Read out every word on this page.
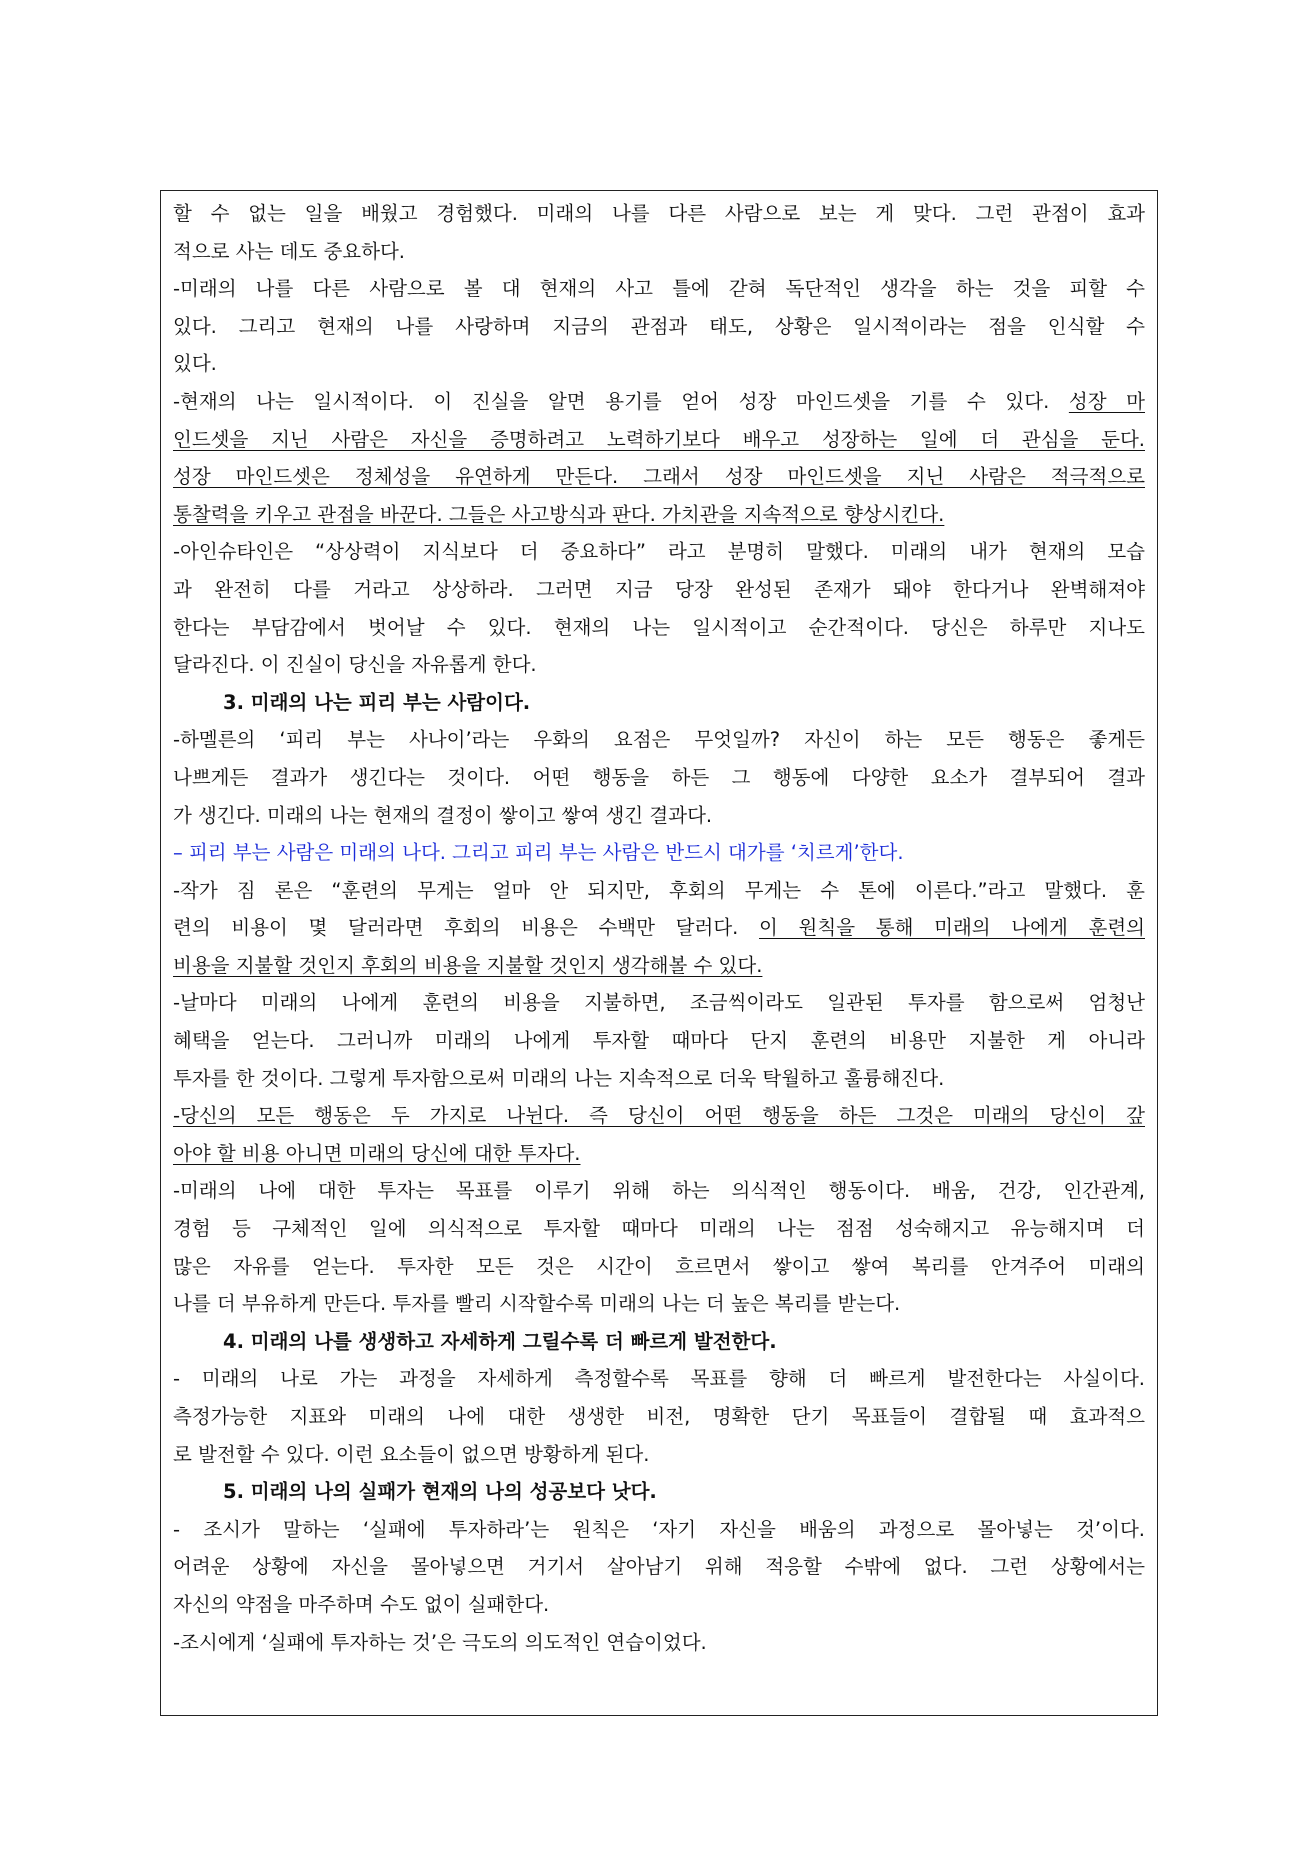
할 수 없는 일을 배웠고 경험했다. 미래의 나를 다른 사람으로 보는 게 맞다. 그런 관점이 효과
적으로 사는 데도 중요하다.
-미래의 나를 다른 사람으로 볼 대 현재의 사고 틀에 갇혀 독단적인 생각을 하는 것을 피할 수
있다. 그리고 현재의 나를 사랑하며 지금의 관점과 태도, 상황은 일시적이라는 점을 인식할 수
있다.
-현재의 나는 일시적이다. 이 진실을 알면 용기를 얻어 성장 마인드셋을 기를 수 있다. 성장 마
인드셋을 지닌 사람은 자신을 증명하려고 노력하기보다 배우고 성장하는 일에 더 관심을 둔다.
성장 마인드셋은 정체성을 유연하게 만든다. 그래서 성장 마인드셋을 지닌 사람은 적극적으로
통찰력을 키우고 관점을 바꾼다. 그들은 사고방식과 판다. 가치관을 지속적으로 향상시킨다.
-아인슈타인은 “상상력이 지식보다 더 중요하다” 라고 분명히 말했다. 미래의 내가 현재의 모습
과 완전히 다를 거라고 상상하라. 그러면 지금 당장 완성된 존재가 돼야 한다거나 완벽해져야
한다는 부담감에서 벗어날 수 있다. 현재의 나는 일시적이고 순간적이다. 당신은 하루만 지나도
달라진다. 이 진실이 당신을 자유롭게 한다.
3. 미래의 나는 피리 부는 사람이다.
-하멜른의 ‘피리 부는 사나이’라는 우화의 요점은 무엇일까? 자신이 하는 모든 행동은 좋게든
나쁘게든 결과가 생긴다는 것이다. 어떤 행동을 하든 그 행동에 다양한 요소가 결부되어 결과
가 생긴다. 미래의 나는 현재의 결정이 쌓이고 쌓여 생긴 결과다.
– 피리 부는 사람은 미래의 나다. 그리고 피리 부는 사람은 반드시 대가를 ‘치르게’한다.
-작가 짐 론은 “훈련의 무게는 얼마 안 되지만, 후회의 무게는 수 톤에 이른다.”라고 말했다. 훈
련의 비용이 몇 달러라면 후회의 비용은 수백만 달러다. 이 원칙을 통해 미래의 나에게 훈련의
비용을 지불할 것인지 후회의 비용을 지불할 것인지 생각해볼 수 있다.
-날마다 미래의 나에게 훈련의 비용을 지불하면, 조금씩이라도 일관된 투자를 함으로써 엄청난
혜택을 얻는다. 그러니까 미래의 나에게 투자할 때마다 단지 훈련의 비용만 지불한 게 아니라
투자를 한 것이다. 그렇게 투자함으로써 미래의 나는 지속적으로 더욱 탁월하고 훌륭해진다.
-당신의 모든 행동은 두 가지로 나뉜다. 즉 당신이 어떤 행동을 하든 그것은 미래의 당신이 갚
아야 할 비용 아니면 미래의 당신에 대한 투자다.
-미래의 나에 대한 투자는 목표를 이루기 위해 하는 의식적인 행동이다. 배움, 건강, 인간관계,
경험 등 구체적인 일에 의식적으로 투자할 때마다 미래의 나는 점점 성숙해지고 유능해지며 더
많은 자유를 얻는다. 투자한 모든 것은 시간이 흐르면서 쌓이고 쌓여 복리를 안겨주어 미래의
나를 더 부유하게 만든다. 투자를 빨리 시작할수록 미래의 나는 더 높은 복리를 받는다.
4. 미래의 나를 생생하고 자세하게 그릴수록 더 빠르게 발전한다.
- 미래의 나로 가는 과정을 자세하게 측정할수록 목표를 향해 더 빠르게 발전한다는 사실이다.
측정가능한 지표와 미래의 나에 대한 생생한 비전, 명확한 단기 목표들이 결합될 때 효과적으
로 발전할 수 있다. 이런 요소들이 없으면 방황하게 된다.
5. 미래의 나의 실패가 현재의 나의 성공보다 낫다.
- 조시가 말하는 ‘실패에 투자하라’는 원칙은 ‘자기 자신을 배움의 과정으로 몰아넣는 것’이다.
어려운 상황에 자신을 몰아넣으면 거기서 살아남기 위해 적응할 수밖에 없다. 그런 상황에서는
자신의 약점을 마주하며 수도 없이 실패한다.
-조시에게 ‘실패에 투자하는 것’은 극도의 의도적인 연습이었다.
